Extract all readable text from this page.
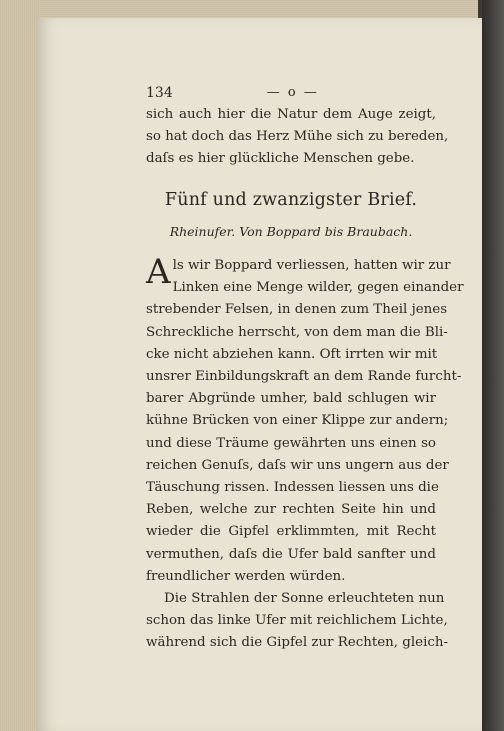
134	— o —
sich auch hier die Natur dem Auge zeigt,
so hat doch das Herz Mühe sich zu bereden,
daſs es hier glückliche Menschen gebe.
Fünf und zwanzigster Brief.
Rheinufer. Von Boppard bis Braubach.
A ls wir Boppard verliessen, hatten wir zur
Linken eine Menge wilder, gegen einander
strebender Felsen, in denen zum Theil jenes
Schreckliche herrscht, von dem man die Bli-
cke nicht abziehen kann. Oft irrten wir mit
unsrer Einbildungskraft an dem Rande furcht-
barer Abgründe umher, bald schlugen wir
kühne Brücken von einer Klippe zur andern;
und diese Träume gewährten uns einen so
reichen Genuſs, daſs wir uns ungern aus der
Täuschung rissen. Indessen liessen uns die
Reben, welche zur rechten Seite hin und
wieder die Gipfel erklimmten, mit Recht
vermuthen, daſs die Ufer bald sanfter und
freundlicher werden würden.
Die Strahlen der Sonne erleuchteten nun
schon das linke Ufer mit reichlichem Lichte,
während sich die Gipfel zur Rechten, gleich-
